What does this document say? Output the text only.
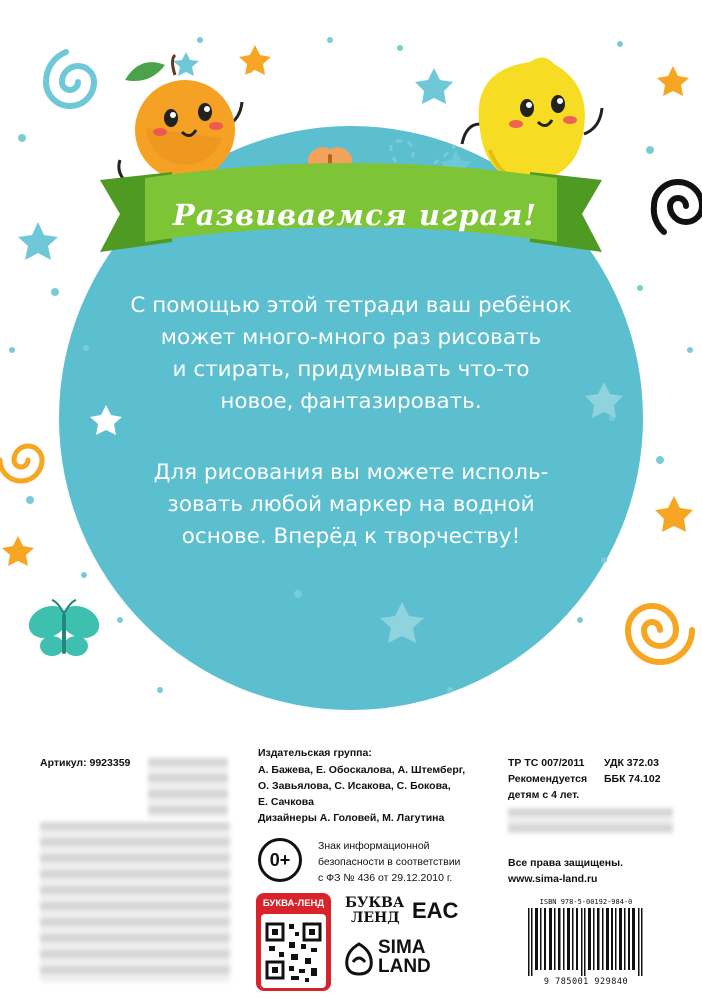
Развиваемся играя!
С помощью этой тетради ваш ребёнок
может много-много раз рисовать
и стирать, придумывать что-то
новое, фантазировать.
Для рисования вы можете исполь-
зовать любой маркер на водной
основе. Вперёд к творчеству!
Артикул: 9923359
Издательская группа:
А. Бажева, Е. Обоскалова, А. Штемберг,
О. Завьялова, С. Исакова, С. Бокова,
Е. Сачкова
Дизайнеры А. Головей, М. Лагутина
0+
Знак информационной
безопасности в соответствии
с ФЗ № 436 от 29.12.2010 г.
БУКВА-ЛЕНД	БУКВА
ЛЕНД EAC
SIMA
LAND
ТР ТС 007/2011
Рекомендуется
детям с 4 лет.
УДК 372.03
ББК 74.102
Все права защищены.
www.sima-land.ru
ISBN 978-5-00192-984-0
9 785001 929840
